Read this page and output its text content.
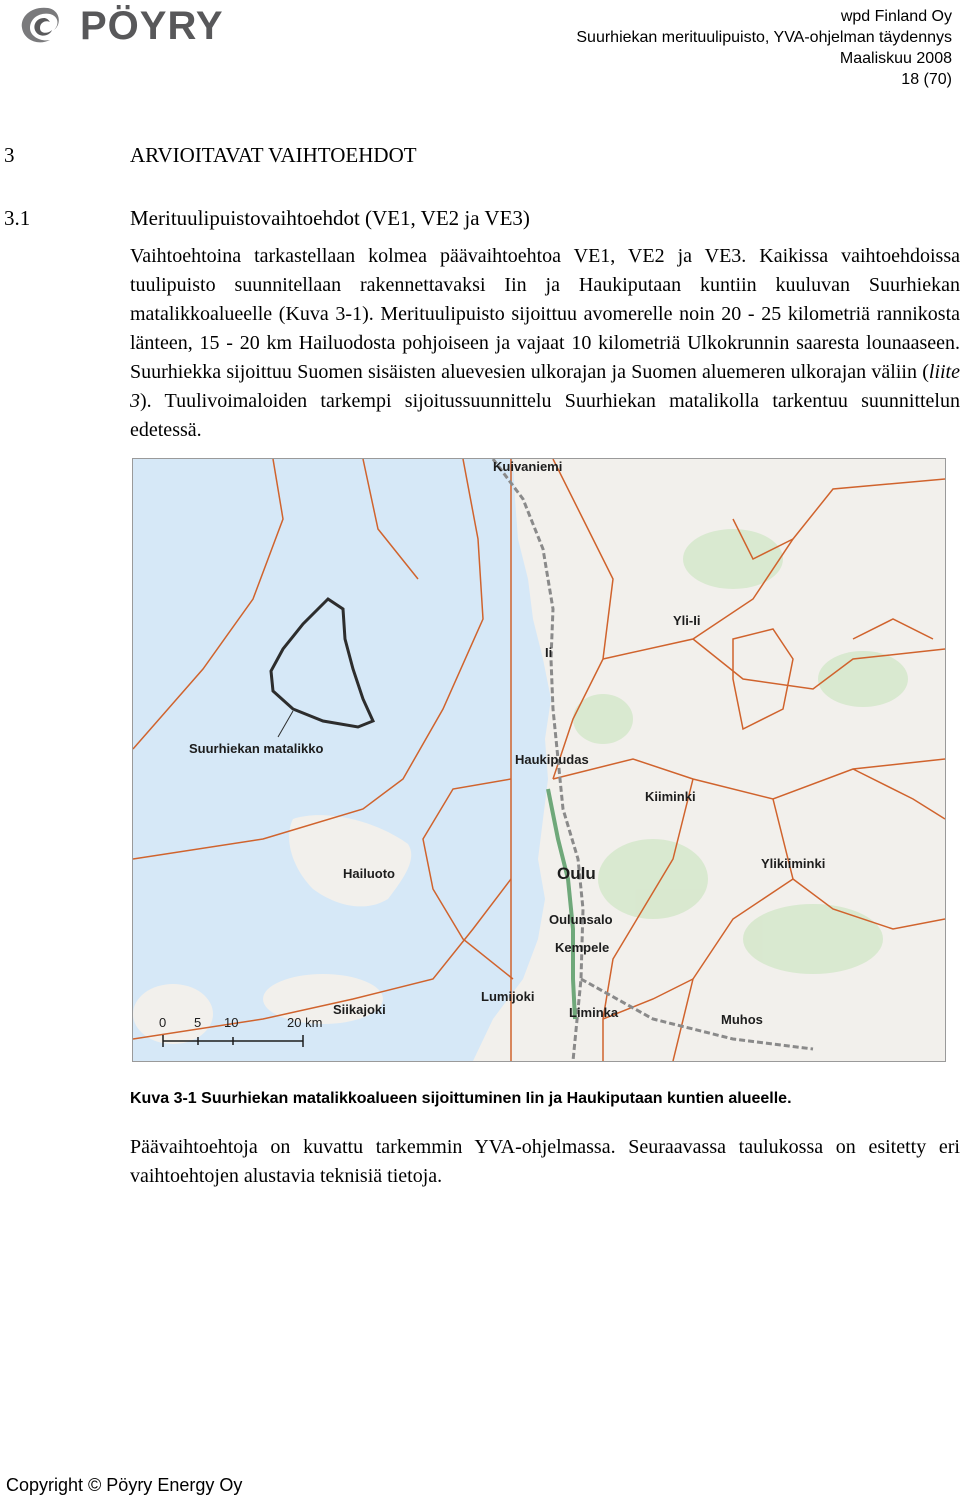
PÖYRY	wpd Finland Oy
Suurhiekan merituulipuisto, YVA-ohjelman täydennys
Maaliskuu 2008
18 (70)
3	ARVIOITAVAT VAIHTOEHDOT
3.1	Merituulipuistovaihtoehdot (VE1, VE2 ja VE3)
Vaihtoehtoina tarkastellaan kolmea päävaihtoehtoa VE1, VE2 ja VE3. Kaikissa vaihtoehdoissa tuulipuisto suunnitellaan rakennettavaksi Iin ja Haukiputaan kuntiin kuuluvan Suurhiekan matalikkoalueelle (Kuva 3-1). Merituulipuisto sijoittuu avomerelle noin 20 - 25 kilometriä rannikosta länteen, 15 - 20 km Hailuodosta pohjoiseen ja vajaat 10 kilometriä Ulkokrunnin saaresta lounaaseen. Suurhiekka sijoittuu Suomen sisäisten aluevesien ulkorajan ja Suomen aluemeren ulkorajan väliin (liite 3). Tuulivoimaloiden tarkempi sijoitussuunnittelu Suurhiekan matalikolla tarkentuu suunnittelun edetessä.
Kuivaniemi
Yli-Ii
Ii
Suurhiekan matalikko
Haukipudas
Kiiminki
Ylikiiminki
Hailuoto	Oulu
Oulunsalo
Kempele
Lumijoki
Siikajoki	Liminka	Muhos
0 5 10	20 km
Kuva 3-1 Suurhiekan matalikkoalueen sijoittuminen Iin ja Haukiputaan kuntien alueelle.
Päävaihtoehtoja on kuvattu tarkemmin YVA-ohjelmassa. Seuraavassa taulukossa on esitetty eri vaihtoehtojen alustavia teknisiä tietoja.
Copyright © Pöyry Energy Oy
